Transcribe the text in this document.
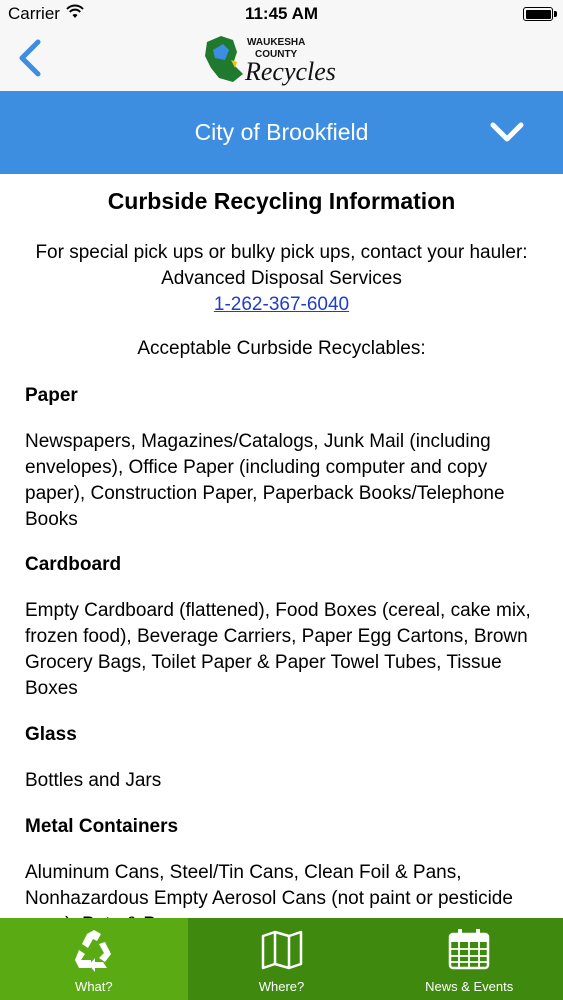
Carrier	11:45 AM
WAUKESHA
COUNTY
Recycles
City of Brookfield
Curbside Recycling Information
For special pick ups or bulky pick ups, contact your hauler: Advanced Disposal Services
1-262-367-6040
Acceptable Curbside Recyclables:
Paper
Newspapers, Magazines/Catalogs, Junk Mail (including envelopes), Office Paper (including computer and copy paper), Construction Paper, Paperback Books/Telephone Books
Cardboard
Empty Cardboard (flattened), Food Boxes (cereal, cake mix, frozen food), Beverage Carriers, Paper Egg Cartons, Brown Grocery Bags, Toilet Paper & Paper Towel Tubes, Tissue Boxes
Glass
Bottles and Jars
Metal Containers
Aluminum Cans, Steel/Tin Cans, Clean Foil & Pans, Nonhazardous Empty Aerosol Cans (not paint or pesticide
What?	Where?	News & Events
